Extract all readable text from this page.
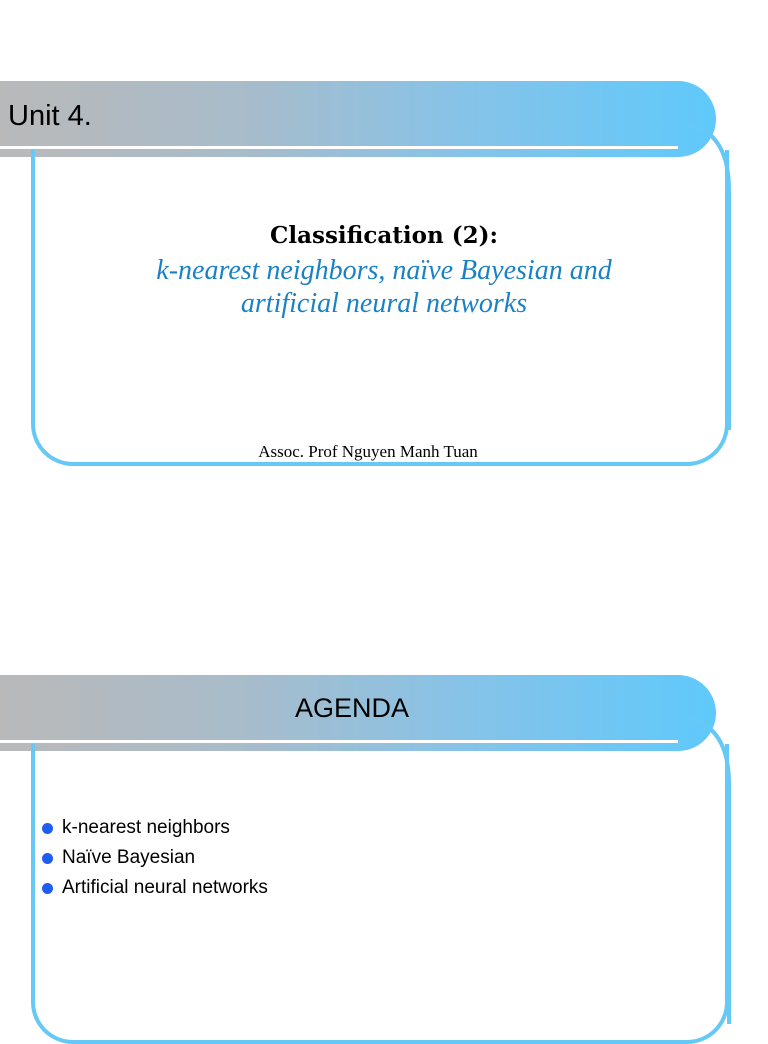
Unit 4.
Classification (2):
k-nearest neighbors, naïve Bayesian and
artificial neural networks
Assoc. Prof Nguyen Manh Tuan
AGENDA
k-nearest neighbors
Naïve Bayesian
Artificial neural networks
